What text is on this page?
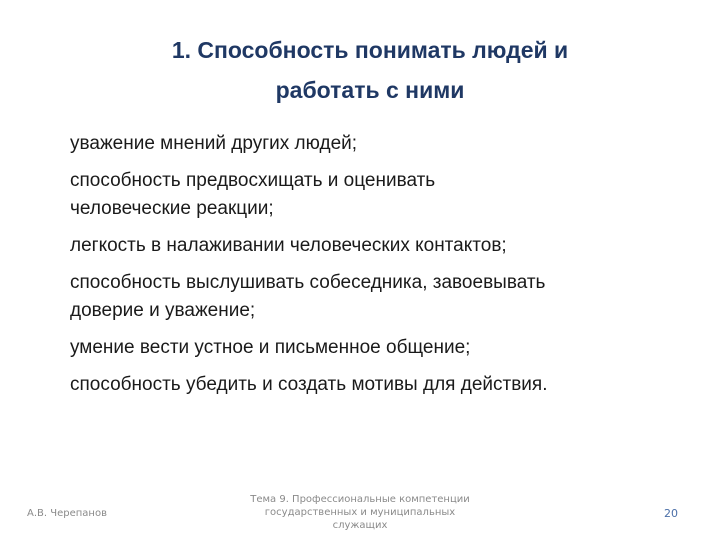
1. Способность понимать людей и
работать с ними
уважение мнений других людей;
способность предвосхищать и оценивать
человеческие реакции;
легкость в налаживании человеческих контактов;
способность выслушивать собеседника, завоевывать
доверие и уважение;
умение вести устное и письменное общение;
способность убедить и создать мотивы для действия.
А.В. Черепанов
Тема 9. Профессиональные компетенции
государственных и муниципальных
служащих
20
